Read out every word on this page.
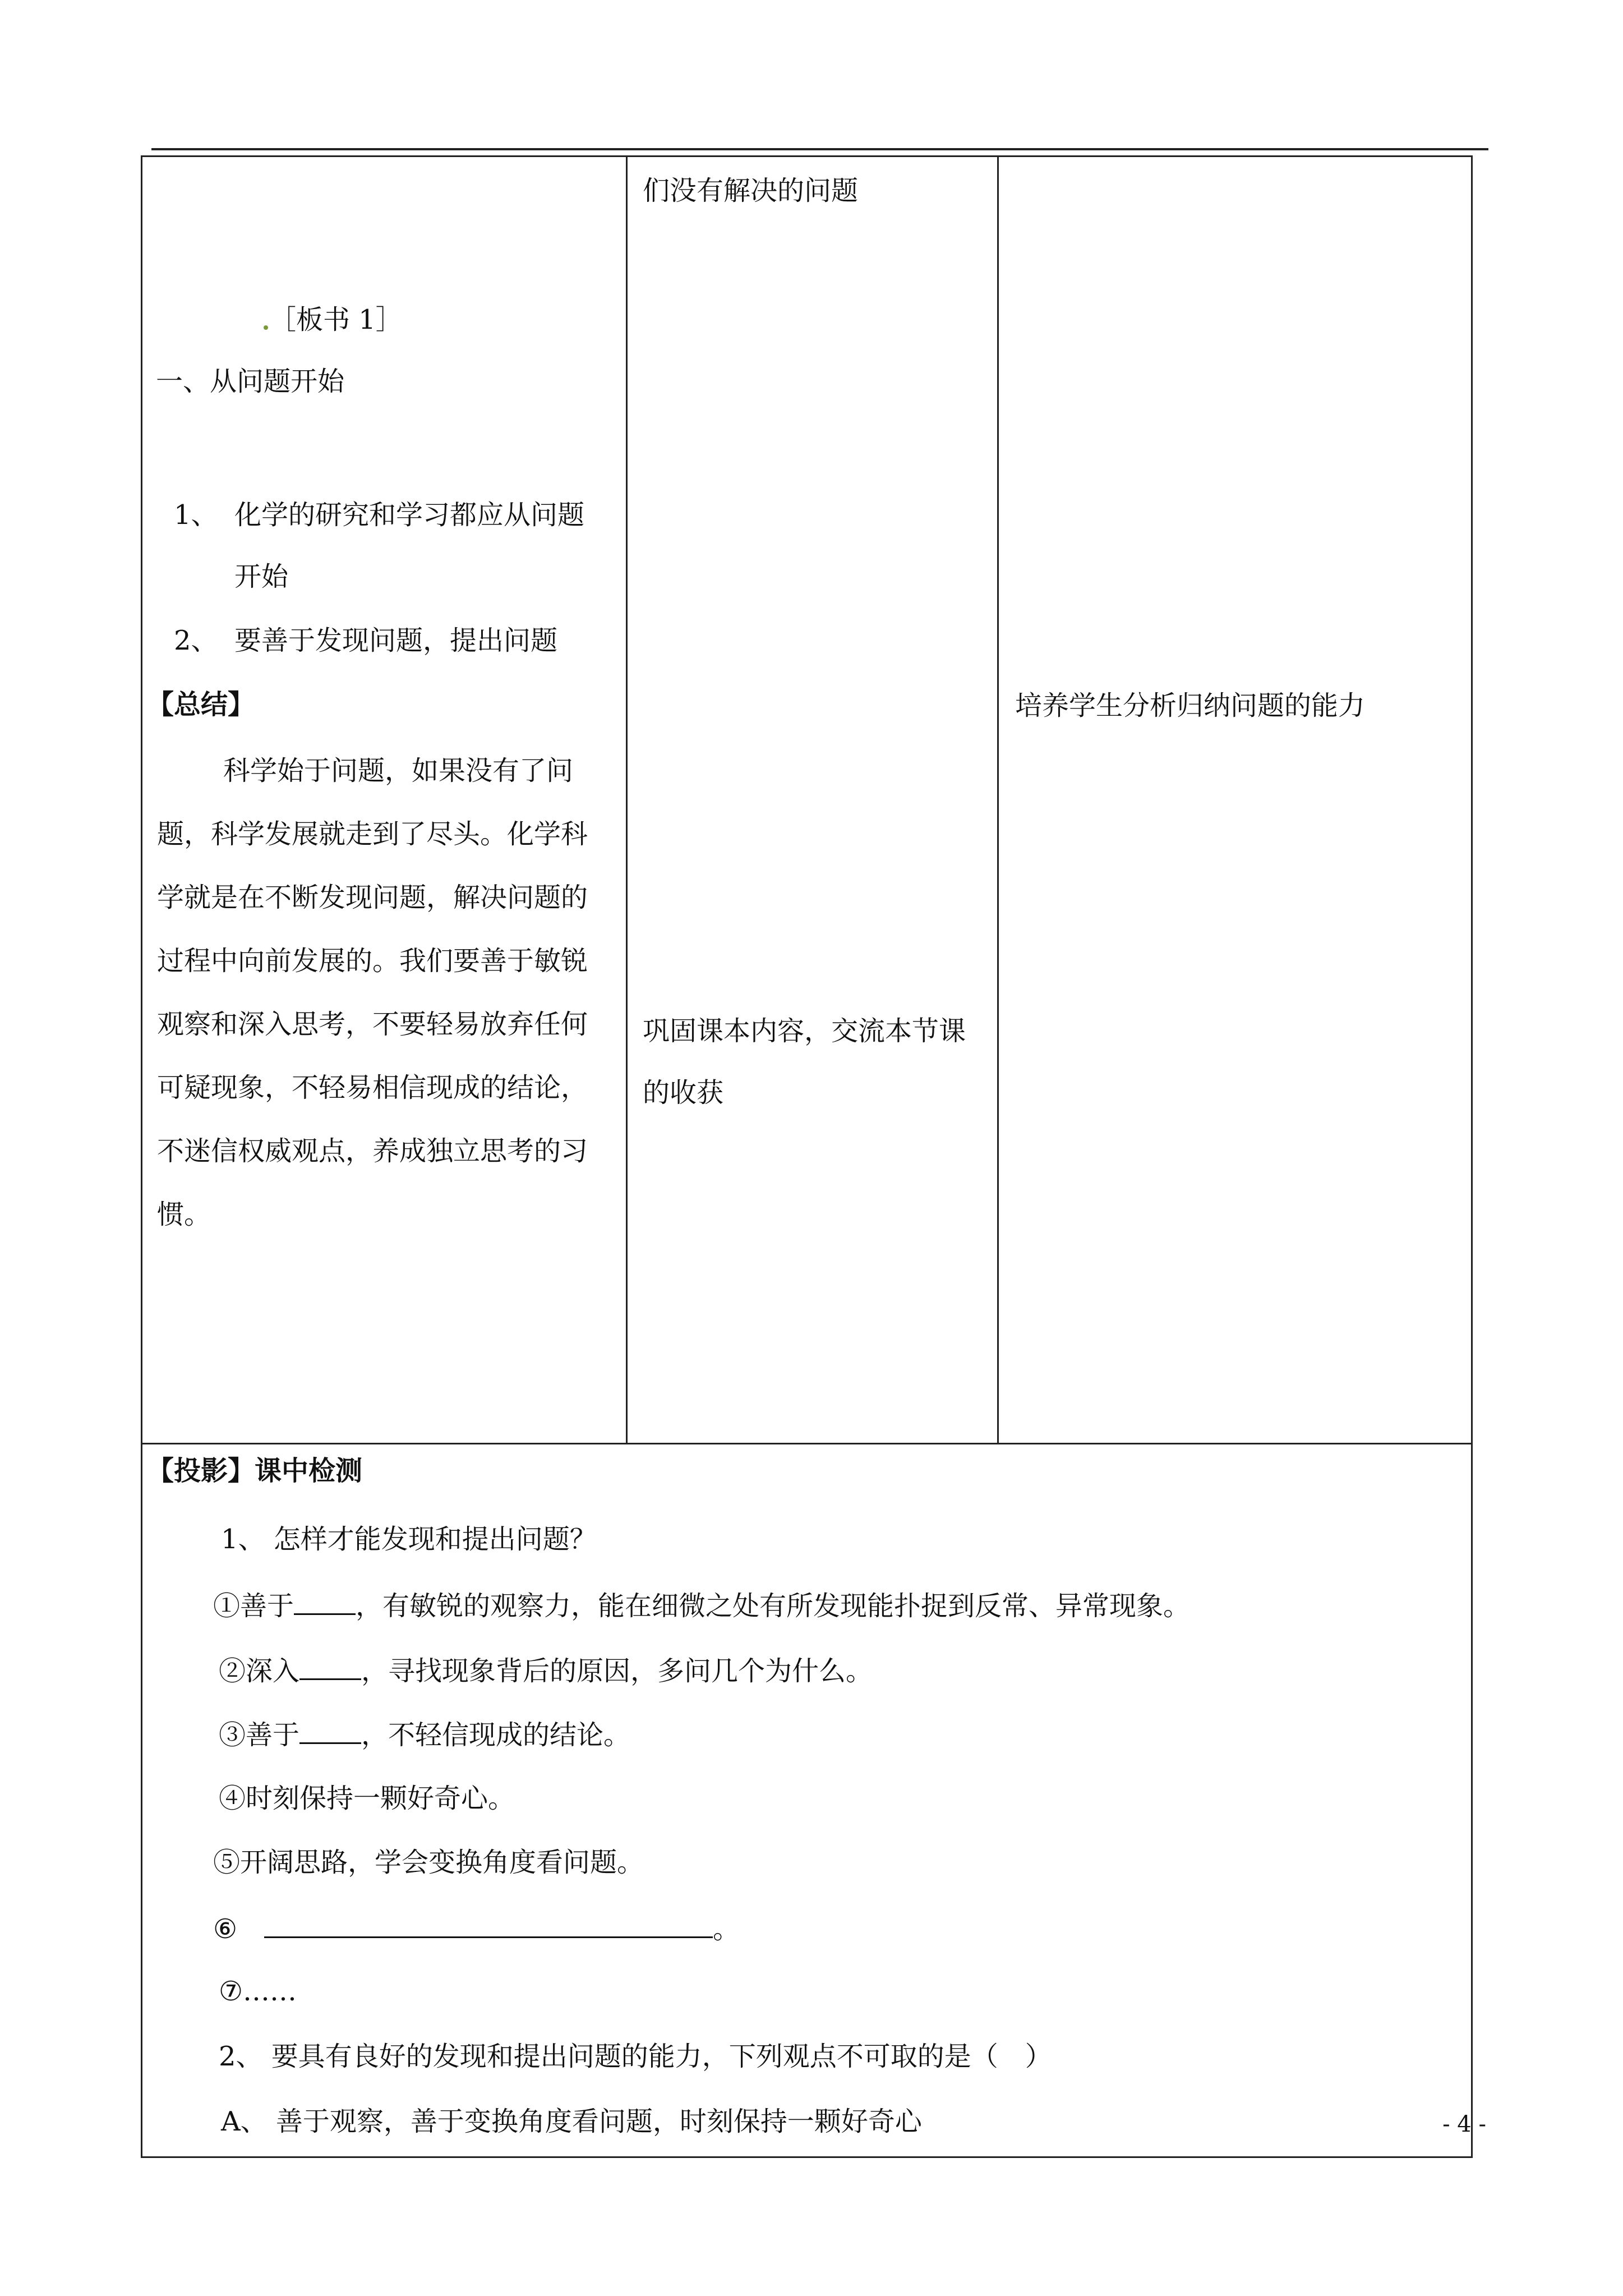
［板书 1］
一、从问题开始
1、 化学的研究和学习都应从问题
开始
2、 要善于发现问题，提出问题
【总结】
科学始于问题，如果没有了问
题，科学发展就走到了尽头。化学科
学就是在不断发现问题，解决问题的
过程中向前发展的。我们要善于敏锐
观察和深入思考，不要轻易放弃任何
可疑现象，不轻易相信现成的结论，
不迷信权威观点，养成独立思考的习
惯。
们没有解决的问题
巩固课本内容，交流本节课
的收获
培养学生分析归纳问题的能力
【投影】课中检测
1、 怎样才能发现和提出问题？
①善于 ，有敏锐的观察力，能在细微之处有所发现能扑捉到反常、异常现象。
②深入 ，寻找现象背后的原因，多问几个为什么。
③善于 ，不轻信现成的结论。
④时刻保持一颗好奇心。
⑤开阔思路，学会变换角度看问题。
⑥	。
⑦……
2、 要具有良好的发现和提出问题的能力，下列观点不可取的是（　）
A、 善于观察，善于变换角度看问题，时刻保持一颗好奇心	- 4 -
